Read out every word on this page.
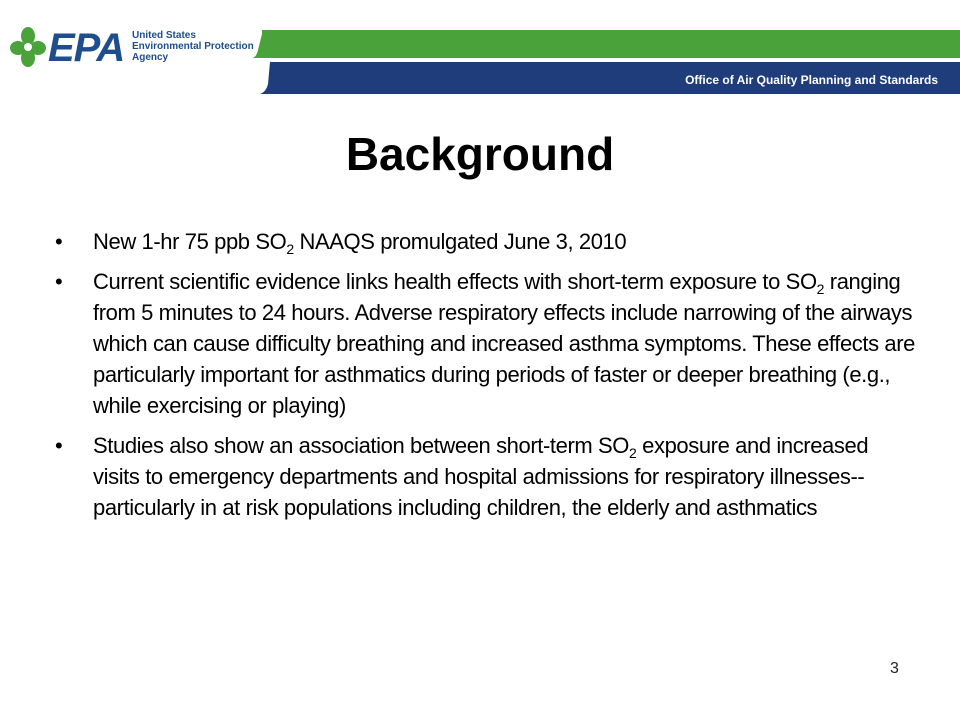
EPA United States
Environmental Protection
Agency
Office of Air Quality Planning and Standards
Background
• New 1-hr 75 ppb $SO_2$ NAAQS promulgated June 3, 2010
• Current scientific evidence links health effects with short-term exposure to $SO_2$ ranging from 5 minutes to 24 hours. Adverse respiratory effects include narrowing of the airways which can cause difficulty breathing and increased asthma symptoms. These effects are particularly important for asthmatics during periods of faster or deeper breathing (e.g., while exercising or playing)
• Studies also show an association between short-term $SO_2$ exposure and increased visits to emergency departments and hospital admissions for respiratory illnesses--particularly in at risk populations including children, the elderly and asthmatics
3
